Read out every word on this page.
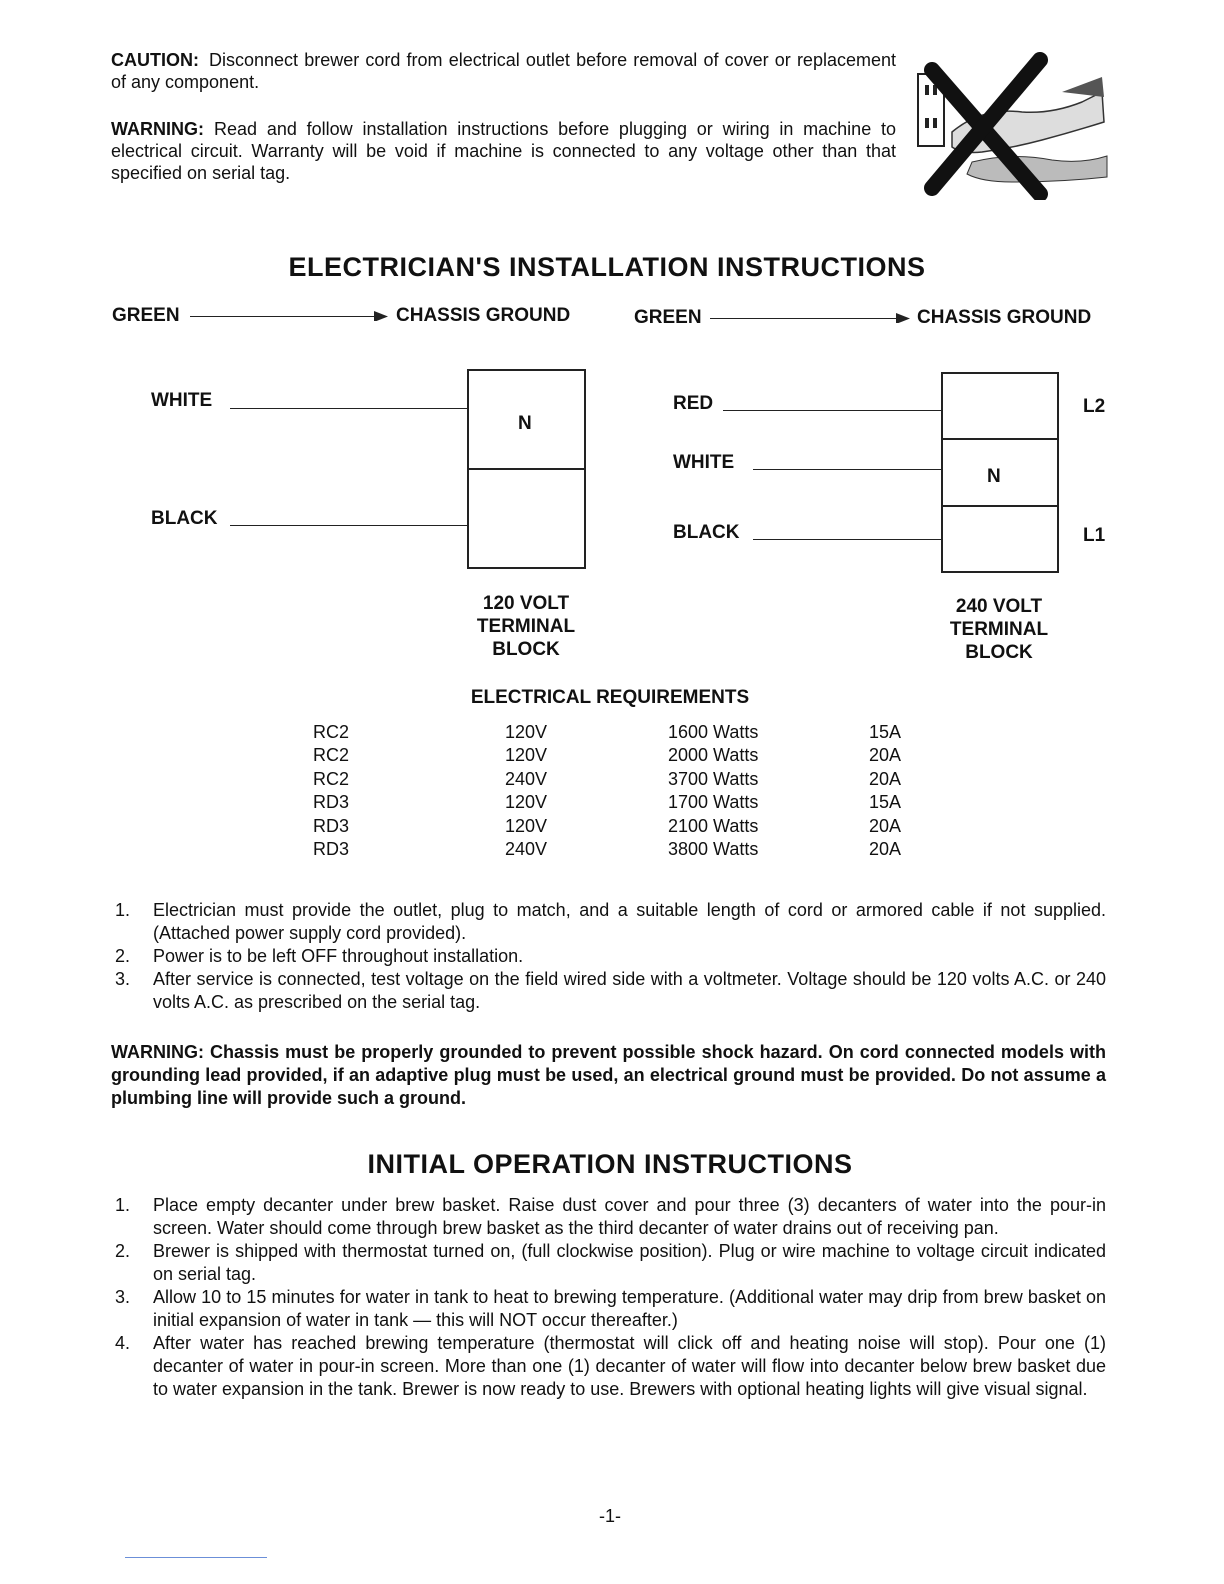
CAUTION: Disconnect brewer cord from electrical outlet before removal of cover or replacement of any component.
WARNING: Read and follow installation instructions before plugging or wiring in machine to electrical circuit. Warranty will be void if machine is connected to any voltage other than that specified on serial tag.
ELECTRICIAN'S INSTALLATION INSTRUCTIONS
GREEN	CHASSIS GROUND	GREEN	CHASSIS GROUND
WHITE
BLACK
N
120 VOLT
TERMINAL
BLOCK
RED
WHITE
BLACK
N
L2
L1
240 VOLT
TERMINAL
BLOCK
ELECTRICAL REQUIREMENTS
RC2	120V	1600 Watts	15A
RC2	120V	2000 Watts	20A
RC2	240V	3700 Watts	20A
RD3	120V	1700 Watts	15A
RD3	120V	2100 Watts	20A
RD3	240V	3800 Watts	20A
1. Electrician must provide the outlet, plug to match, and a suitable length of cord or armored cable if not supplied. (Attached power supply cord provided).
2. Power is to be left OFF throughout installation.
3. After service is connected, test voltage on the field wired side with a voltmeter. Voltage should be 120 volts A.C. or 240 volts A.C. as prescribed on the serial tag.
WARNING: Chassis must be properly grounded to prevent possible shock hazard. On cord connected models with grounding lead provided, if an adaptive plug must be used, an electrical ground must be provided. Do not assume a plumbing line will provide such a ground.
INITIAL OPERATION INSTRUCTIONS
1. Place empty decanter under brew basket. Raise dust cover and pour three (3) decanters of water into the pour-in screen. Water should come through brew basket as the third decanter of water drains out of receiving pan.
2. Brewer is shipped with thermostat turned on, (full clockwise position). Plug or wire machine to voltage circuit indicated on serial tag.
3. Allow 10 to 15 minutes for water in tank to heat to brewing temperature. (Additional water may drip from brew basket on initial expansion of water in tank — this will NOT occur thereafter.)
4. After water has reached brewing temperature (thermostat will click off and heating noise will stop). Pour one (1) decanter of water in pour-in screen. More than one (1) decanter of water will flow into decanter below brew basket due to water expansion in the tank. Brewer is now ready to use. Brewers with optional heating lights will give visual signal.
-1-
